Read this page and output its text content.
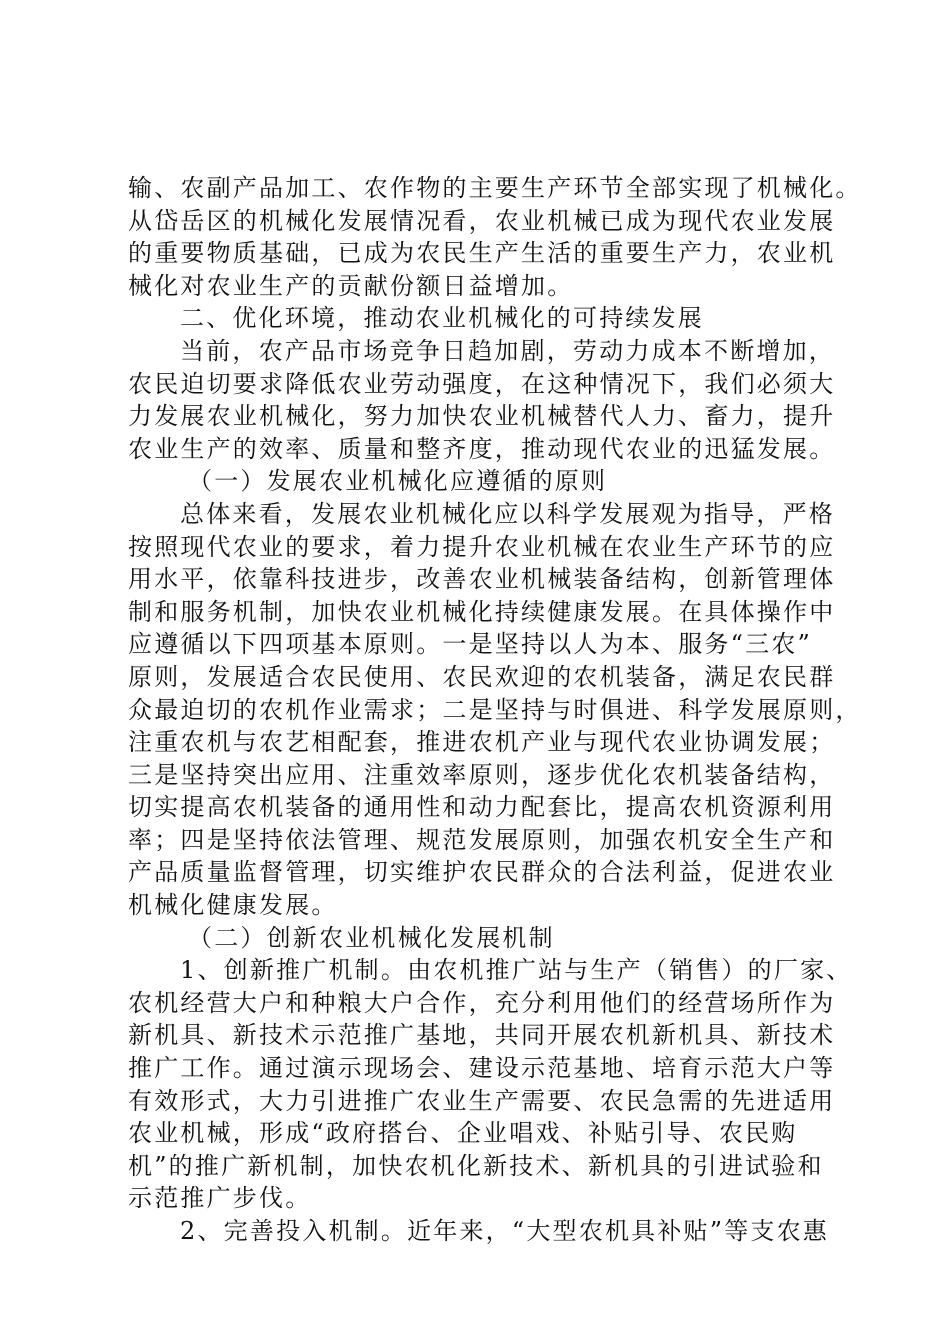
输、农副产品加工、农作物的主要生产环节全部实现了机械化。
从岱岳区的机械化发展情况看，农业机械已成为现代农业发展
的重要物质基础，已成为农民生产生活的重要生产力，农业机
械化对农业生产的贡献份额日益增加。
二、优化环境，推动农业机械化的可持续发展
当前，农产品市场竞争日趋加剧，劳动力成本不断增加，
农民迫切要求降低农业劳动强度，在这种情况下，我们必须大
力发展农业机械化，努力加快农业机械替代人力、畜力，提升
农业生产的效率、质量和整齐度，推动现代农业的迅猛发展。
（一）发展农业机械化应遵循的原则
总体来看，发展农业机械化应以科学发展观为指导，严格
按照现代农业的要求，着力提升农业机械在农业生产环节的应
用水平，依靠科技进步，改善农业机械装备结构，创新管理体
制和服务机制，加快农业机械化持续健康发展。在具体操作中
应遵循以下四项基本原则。一是坚持以人为本、服务“三农”
原则，发展适合农民使用、农民欢迎的农机装备，满足农民群
众最迫切的农机作业需求；二是坚持与时俱进、科学发展原则，
注重农机与农艺相配套，推进农机产业与现代农业协调发展；
三是坚持突出应用、注重效率原则，逐步优化农机装备结构，
切实提高农机装备的通用性和动力配套比，提高农机资源利用
率；四是坚持依法管理、规范发展原则，加强农机安全生产和
产品质量监督管理，切实维护农民群众的合法利益，促进农业
机械化健康发展。
（二）创新农业机械化发展机制
1、创新推广机制。由农机推广站与生产（销售）的厂家、
农机经营大户和种粮大户合作，充分利用他们的经营场所作为
新机具、新技术示范推广基地，共同开展农机新机具、新技术
推广工作。通过演示现场会、建设示范基地、培育示范大户等
有效形式，大力引进推广农业生产需要、农民急需的先进适用
农业机械，形成“政府搭台、企业唱戏、补贴引导、农民购
机”的推广新机制，加快农机化新技术、新机具的引进试验和
示范推广步伐。
2、完善投入机制。近年来，“大型农机具补贴”等支农惠
